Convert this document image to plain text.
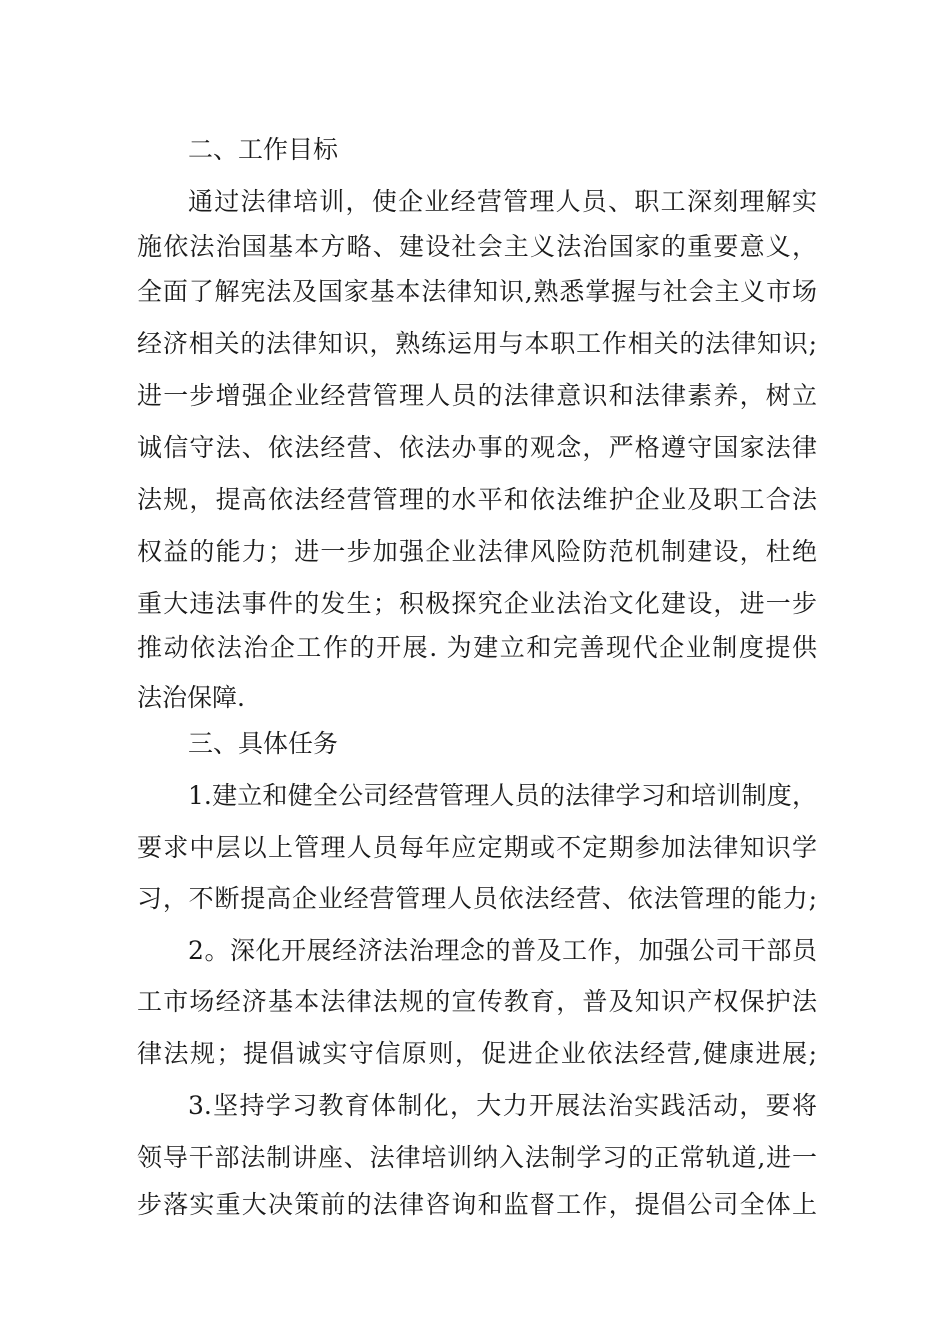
二、工作目标

通过法律培训，使企业经营管理人员、职工深刻理解实

施依法治国基本方略、建设社会主义法治国家的重要意义，

全面了解宪法及国家基本法律知识,熟悉掌握与社会主义市场

经济相关的法律知识，熟练运用与本职工作相关的法律知识;

进一步增强企业经营管理人员的法律意识和法律素养，树立

诚信守法、依法经营、依法办事的观念，严格遵守国家法律

法规，提高依法经营管理的水平和依法维护企业及职工合法

权益的能力；进一步加强企业法律风险防范机制建设，杜绝

重大违法事件的发生；积极探究企业法治文化建设，进一步

推动依法治企工作的开展. 为建立和完善现代企业制度提供

法治保障.

三、具体任务

1.建立和健全公司经营管理人员的法律学习和培训制度，

要求中层以上管理人员每年应定期或不定期参加法律知识学

习，不断提高企业经营管理人员依法经营、依法管理的能力;

2。深化开展经济法治理念的普及工作，加强公司干部员

工市场经济基本法律法规的宣传教育，普及知识产权保护法

律法规；提倡诚实守信原则，促进企业依法经营,健康进展;

3.坚持学习教育体制化，大力开展法治实践活动，要将

领导干部法制讲座、法律培训纳入法制学习的正常轨道,进一

步落实重大决策前的法律咨询和监督工作，提倡公司全体上
